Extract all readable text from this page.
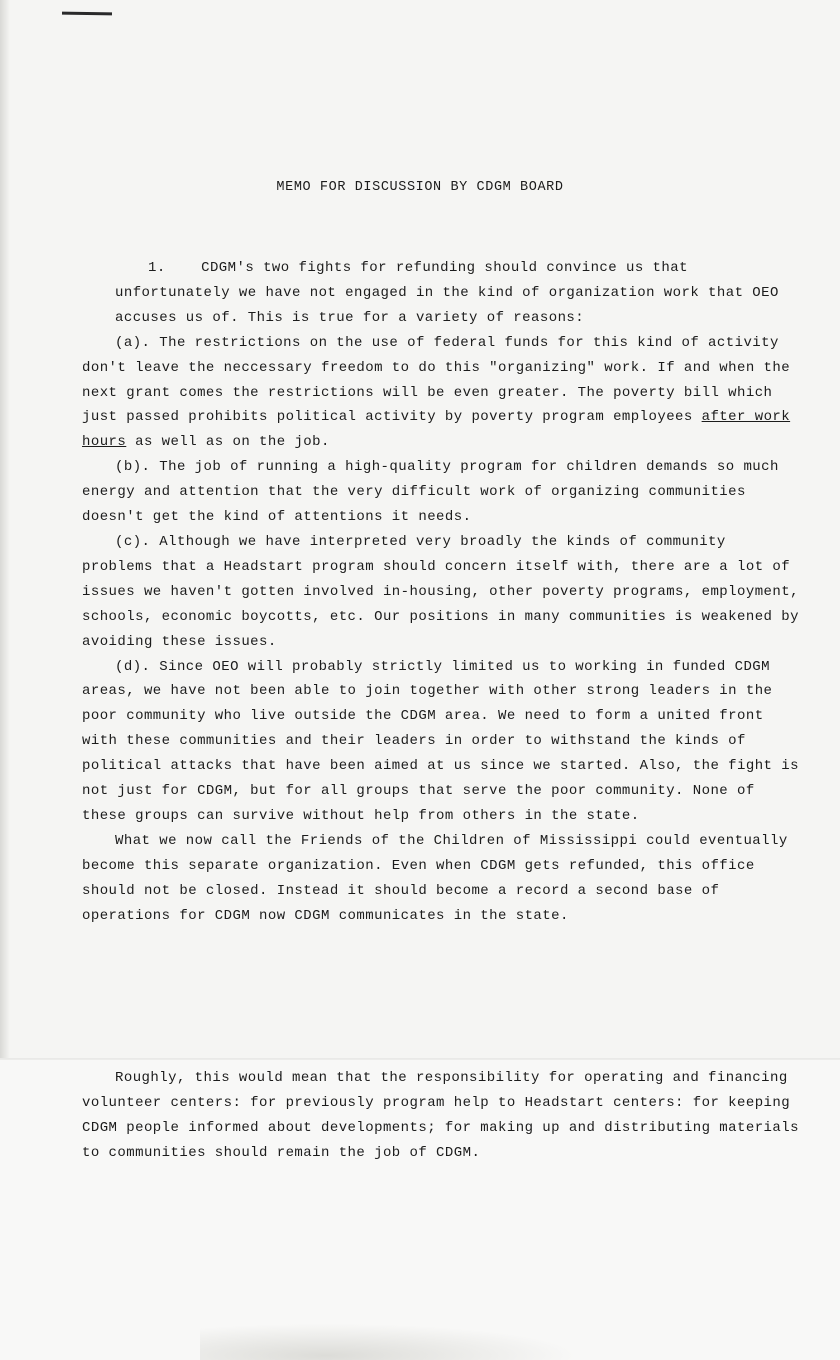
MEMO FOR DISCUSSION BY CDGM BOARD

1.	CDGM's two fights for refunding should convince us that unfortunately we have not engaged in the kind of organization work that OEO accuses us of. This is true for a variety of reasons:

(a). The restrictions on the use of federal funds for this kind of activity don't leave the neccessary freedom to do this "organizing" work. If and when the next grant comes the restrictions will be even greater. The poverty bill which just passed prohibits political activity by poverty program employees after work hours as well as on the job.

(b). The job of running a high-quality program for children demands so much energy and attention that the very difficult work of organizing communities doesn't get the kind of attentions it needs.

(c). Although we have interpreted very broadly the kinds of community problems that a Headstart program should concern itself with, there are a lot of issues we haven't gotten involved in-housing, other poverty programs, employment, schools, economic boycotts, etc. Our positions in many communities is weakened by avoiding these issues.

(d). Since OEO will probably strictly limited us to working in funded CDGM areas, we have not been able to join together with other strong leaders in the poor community who live outside the CDGM area. We need to form a united front with these communities and their leaders in order to withstand the kinds of political attacks that have been aimed at us since we started. Also, the fight is not just for CDGM, but for all groups that serve the poor community. None of these groups can survive without help from others in the state.

What we now call the Friends of the Children of Mississippi could eventually become this separate organization. Even when CDGM gets refunded, this office should not be closed. Instead it should become a record a second base of operations for CDGM now CDGM communicates in the state.

Roughly, this would mean that the responsibility for operating and financing volunteer centers: for previously program help to Headstart centers: for keeping CDGM people informed about developments; for making up and distributing materials to communities should remain the job of CDGM.
